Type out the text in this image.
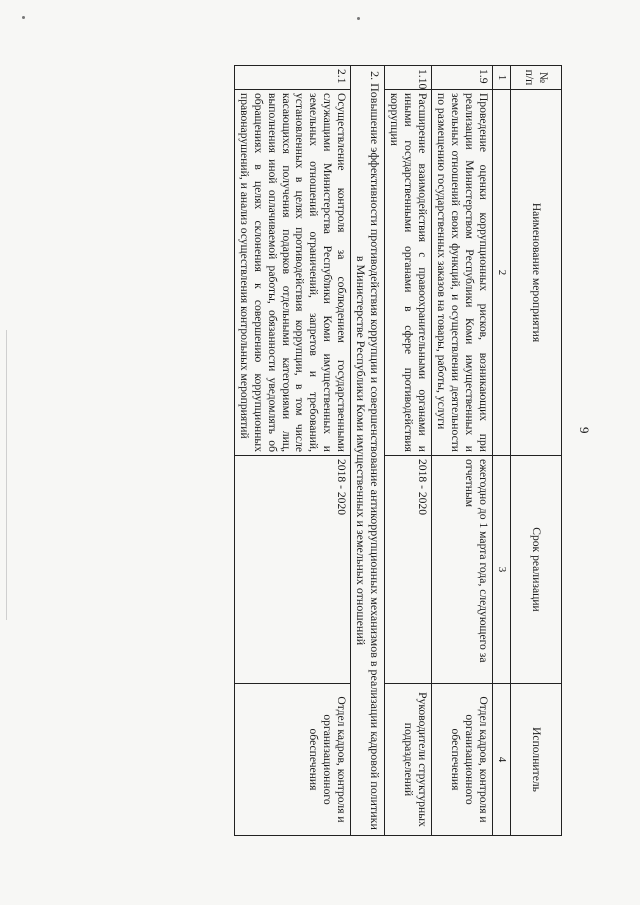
9
№ п/п	Наименование мероприятия	Срок реализации	Исполнитель
1	2	3	4
1.9	Проведение оценки коррупционных рисков, возникающих при реализации Министерством Республики Коми имущественных и земельных отношений своих функций, и осуществлении деятельности по размещению государственных заказов на товары, работы, услуги	ежегодно до 1 марта года, следующего за отчетным	Отдел кадров, контроля и организационного обеспечения
1.10	Расширение взаимодействия с правоохранительными органами и иными государственными органами в сфере противодействия коррупции	2018 - 2020	Руководители структурных подразделений
2. Повышение эффективности противодействия коррупции и совершенствование антикоррупционных механизмов в реализации кадровой политики в Министерстве Республики Коми имущественных и земельных отношений			
2.1	Осуществление контроля за соблюдением государственными служащими Министерства Республики Коми имущественных и земельных отношений ограничений, запретов и требований, установленных в целях противодействия коррупции, в том числе касающихся получения подарков отдельными категориями лиц, выполнения иной оплачиваемой работы, обязанности уведомлять об обращениях в целях склонения к совершению коррупционных правонарушений, и анализ осуществления контрольных мероприятий	2018 - 2020	Отдел кадров, контроля и организационного обеспечения
